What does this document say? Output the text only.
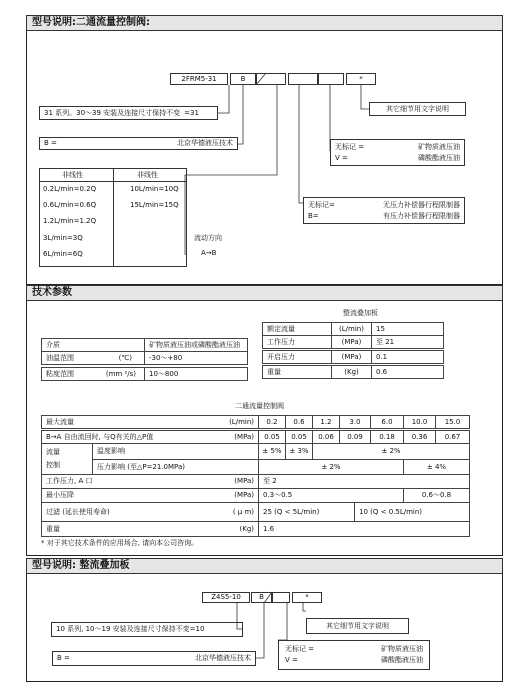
型号说明:二通流量控制阀:
2FRM5-31	B	*
其它细节用文字说明
31 系列。30～39 安装及连接尺寸保持不变 =31
B =	北京华德液压技术	无标记 =	矿物质液压油
V =	磷酸酯液压油
非线性	非线性
0.2L/min=0.2Q
0.6L/min=0.6Q
1.2L/min=1.2Q
3L/min=3Q
6L/min=6Q
10L/min=10Q
15L/min=15Q
流动方向
A→B
无标记=	无压力补偿器行程限制器
B=	有压力补偿器行程限制器
技术参数
整流叠加板
额定流量	(L/min)	15
工作压力	(MPa)	至 21
开启压力	(MPa)	0.1
重量	(Kg)	0.6
介质	矿物质液压油或磷酸酯液压油
油温范围	(℃)	-30～+80
粘度范围	(mm ²/s)	10～800
二通流量控制阀
最大流量	(L/min)	0.2	0.6	1.2	3.0	6.0	10.0	15.0
B→A 自由流回时, 与Q有关的△P值	(MPa)	0.05	0.05	0.06	0.09	0.18	0.36	0.67
流量
控制
温度影响	± 5%	± 3%	± 2%
压力影响 (至△P=21.0MPa)	± 2%	± 4%
工作压力, A 口	(MPa)	至 2
最小压降	(MPa)	0.3～0.5	0.6～0.8
过滤 (延长使用寿命)	( μ m)	25 (Q < 5L/min)	10 (Q < 0.5L/min)
重量	(Kg)	1.6
* 对于其它技术条件的应用场合, 请向本公司咨询。
型号说明: 整流叠加板
Z4S5-10	B	*
其它细节用文字说明
10 系列, 10～19 安装及连接尺寸保持不变=10
无标记 =	矿物质液压油
V =	磷酸酯液压油
B =	北京华德液压技术
